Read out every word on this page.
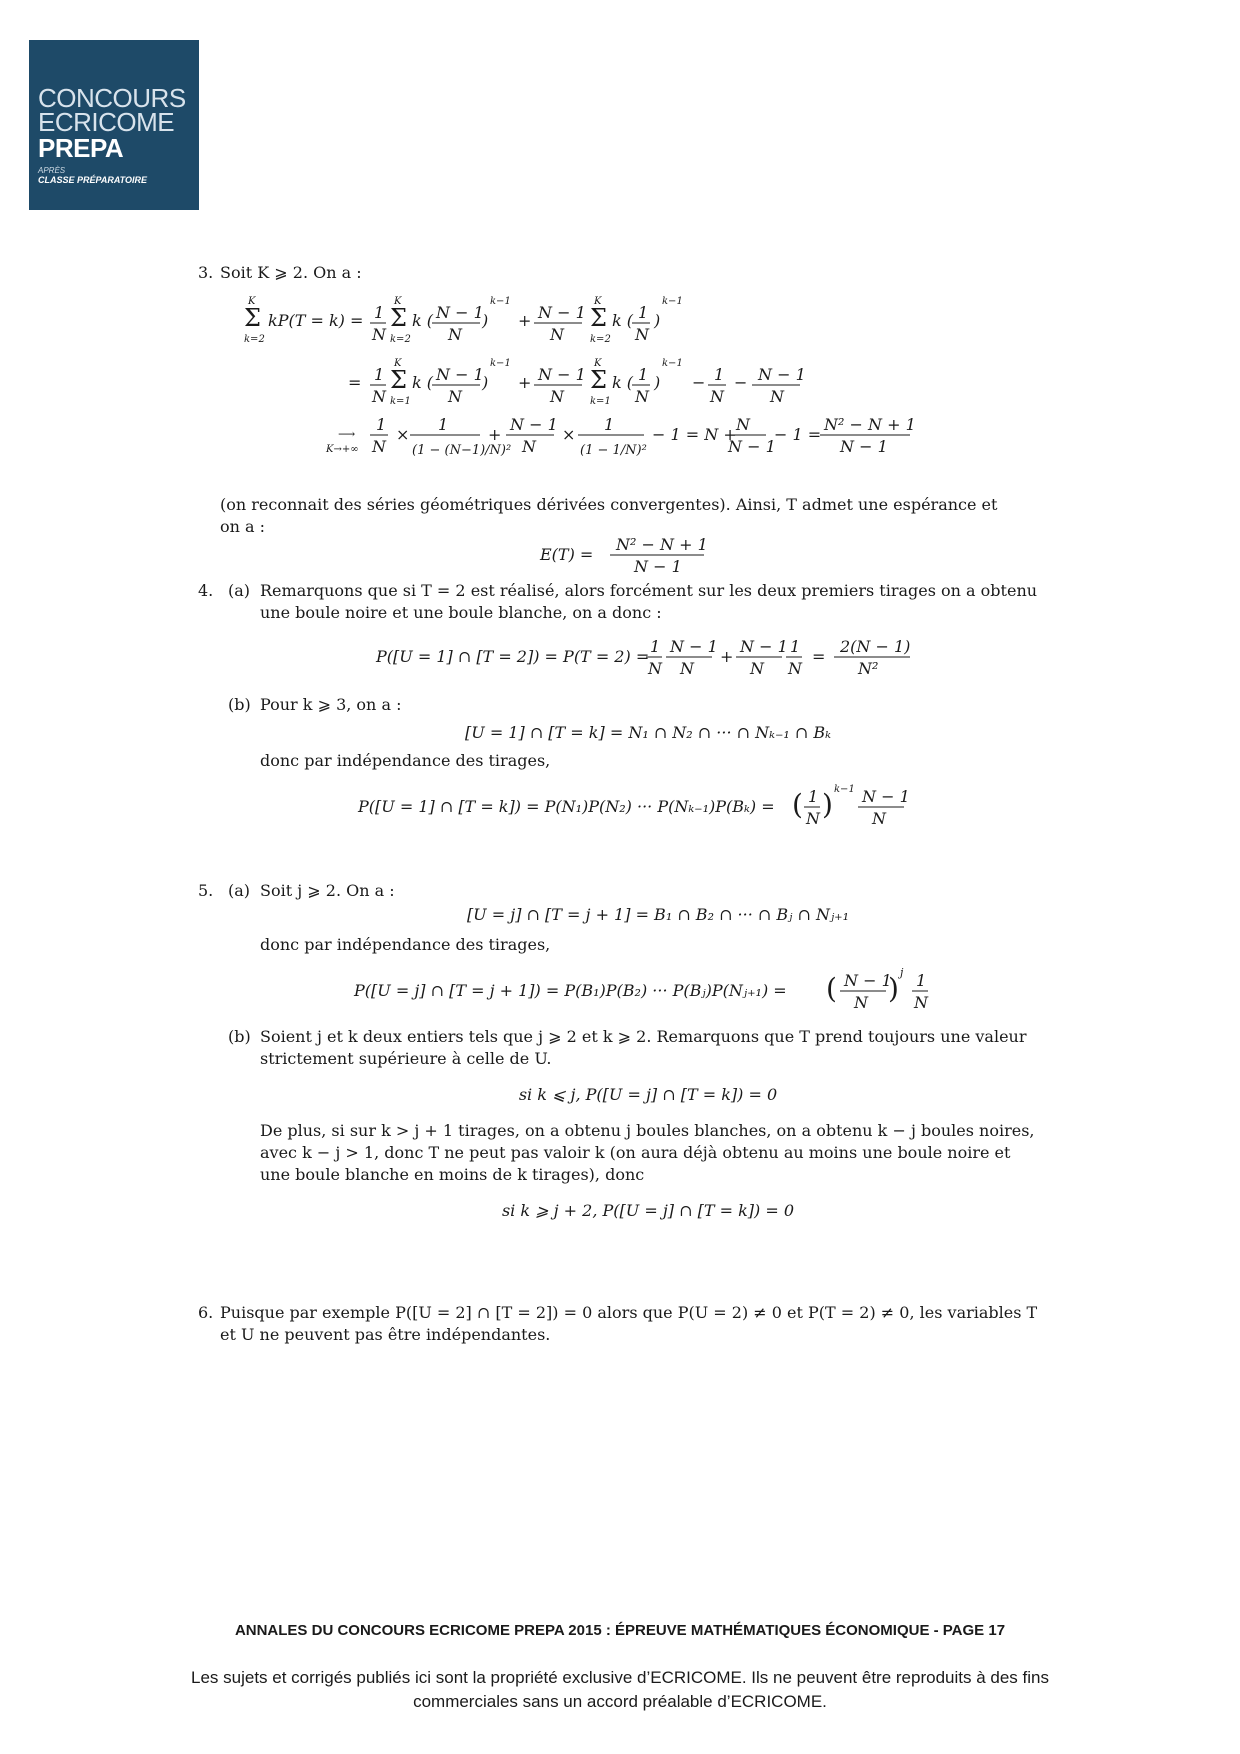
CONCOURS
ECRICOME
PREPA
APRÈS
CLASSE PRÉPARATOIRE
3. Soit K ⩾ 2. On a :
K
Σ
k=2
kP(T = k) = 1
N
K
Σ
k=2
k ( N − 1
N
)
k−1
+ N − 1
N
K
Σ
k=2
k ( 1
N
)
k−1
= 1
N
K
Σ
k=1
k ( N − 1
N
)
k−1
+ N − 1
N
K
Σ
k=1
k ( 1
N
)
k−1
− 1
N
− N − 1
N
⟶
K→+∞
1
N
×
1
(1 − (N−1)/N)²
+
N − 1
N
×
1
(1 − 1/N)²
− 1 = N +
N
N − 1
− 1 =
N² − N + 1
N − 1
(on reconnait des séries géométriques dérivées convergentes). Ainsi, T admet une espérance et on a :
E(T) =
N² − N + 1
N − 1
4. (a) Remarquons que si T = 2 est réalisé, alors forcément sur les deux premiers tirages on a obtenu une boule noire et une boule blanche, on a donc :
P([U = 1] ∩ [T = 2]) = P(T = 2) =
1
N
N − 1
N
+
N − 1
N
1
N
=
2(N − 1)
N²
(b) Pour k ⩾ 3, on a :
[U = 1] ∩ [T = k] = N₁ ∩ N₂ ∩ ··· ∩ Nₖ₋₁ ∩ Bₖ
donc par indépendance des tirages,
P([U = 1] ∩ [T = k]) = P(N₁)P(N₂) ··· P(Nₖ₋₁)P(Bₖ) = ( 1
N ) k−1 N − 1
N
5. (a) Soit j ⩾ 2. On a :
[U = j] ∩ [T = j + 1] = B₁ ∩ B₂ ∩ ··· ∩ Bⱼ ∩ Nⱼ₊₁
donc par indépendance des tirages,
P([U = j] ∩ [T = j + 1]) = P(B₁)P(B₂) ··· P(Bⱼ)P(Nⱼ₊₁) = ( N − 1
N ) j 1
N
(b) Soient j et k deux entiers tels que j ⩾ 2 et k ⩾ 2. Remarquons que T prend toujours une valeur strictement supérieure à celle de U.
si k ⩽ j, P([U = j] ∩ [T = k]) = 0
De plus, si sur k > j + 1 tirages, on a obtenu j boules blanches, on a obtenu k − j boules noires, avec k − j > 1, donc T ne peut pas valoir k (on aura déjà obtenu au moins une boule noire et une boule blanche en moins de k tirages), donc
si k ⩾ j + 2, P([U = j] ∩ [T = k]) = 0
6. Puisque par exemple P([U = 2] ∩ [T = 2]) = 0 alors que P(U = 2) ≠ 0 et P(T = 2) ≠ 0, les variables T et U ne peuvent pas être indépendantes.
ANNALES DU CONCOURS ECRICOME PREPA 2015 : ÉPREUVE MATHÉMATIQUES ÉCONOMIQUE - PAGE 17
Les sujets et corrigés publiés ici sont la propriété exclusive d’ECRICOME. Ils ne peuvent être reproduits à des fins commerciales sans un accord préalable d’ECRICOME.
